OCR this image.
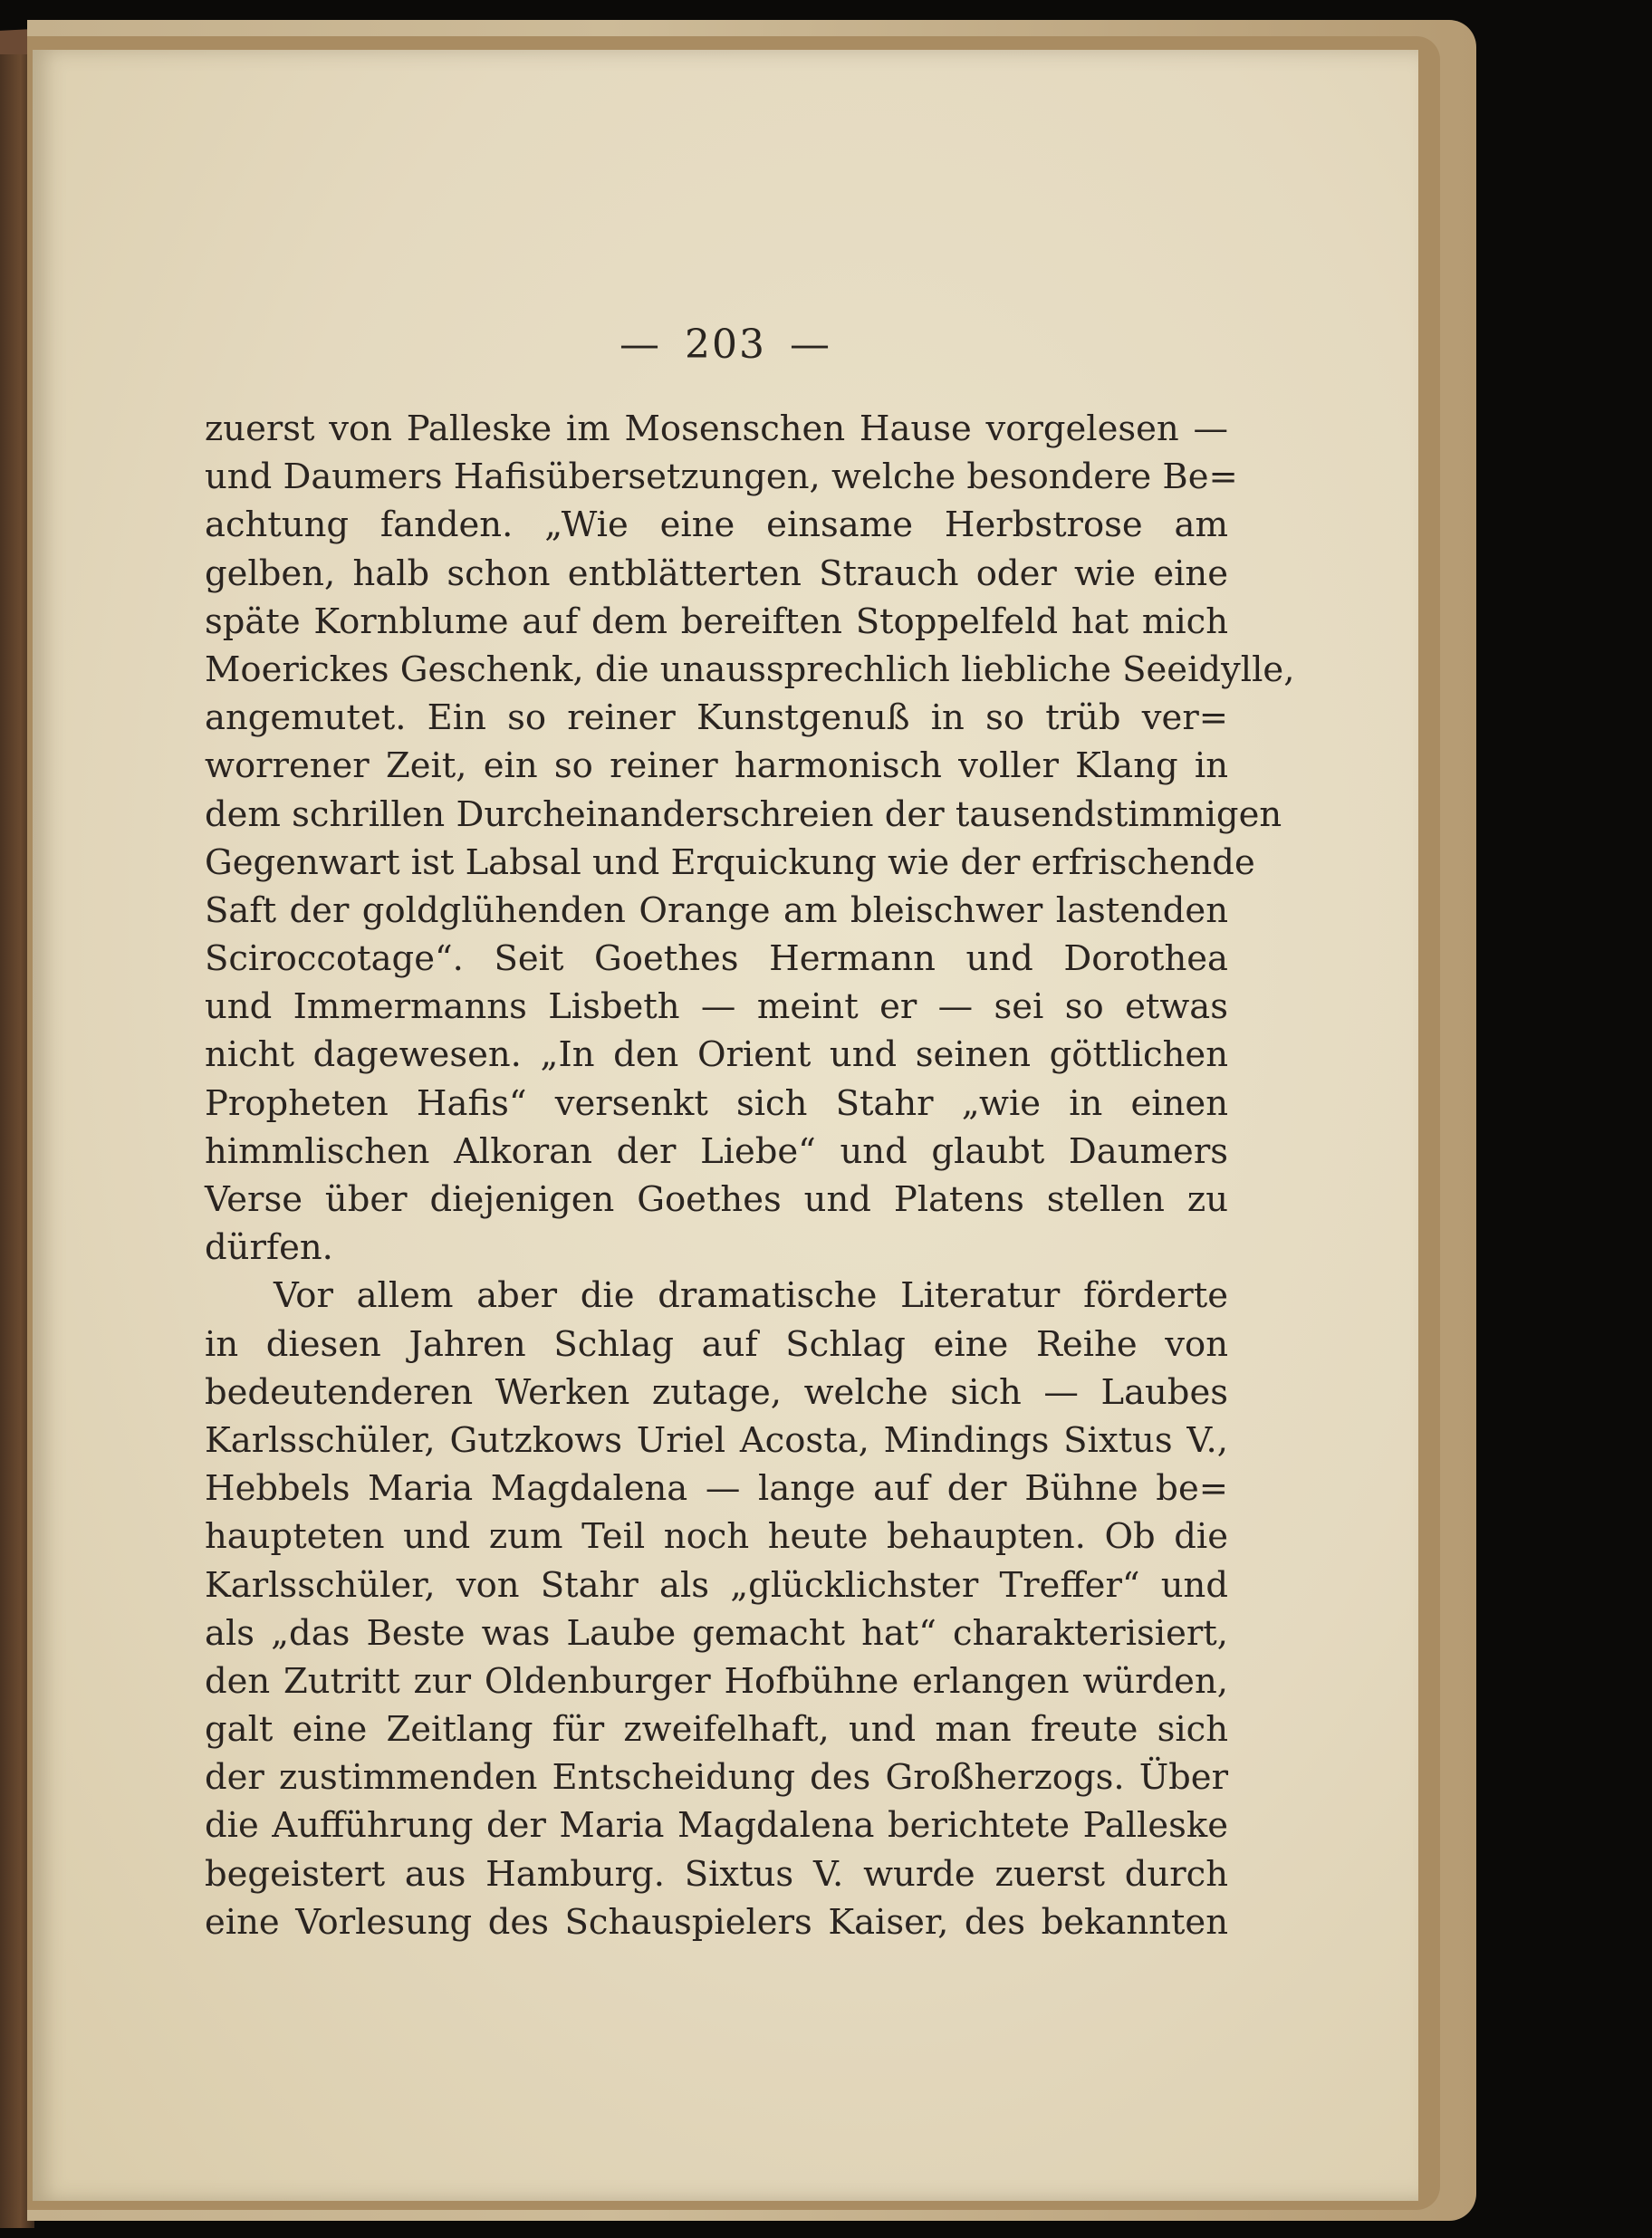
— 203 —
zuerst von Palleske im Mosenschen Hause vorgelesen —
und Daumers Hafisübersetzungen, welche besondere Be=
achtung fanden. „Wie eine einsame Herbstrose am
gelben, halb schon entblätterten Strauch oder wie eine
späte Kornblume auf dem bereiften Stoppelfeld hat mich
Moerickes Geschenk, die unaussprechlich liebliche Seeidylle,
angemutet. Ein so reiner Kunstgenuß in so trüb ver=
worrener Zeit, ein so reiner harmonisch voller Klang in
dem schrillen Durcheinanderschreien der tausendstimmigen
Gegenwart ist Labsal und Erquickung wie der erfrischende
Saft der goldglühenden Orange am bleischwer lastenden
Sciroccotage“. Seit Goethes Hermann und Dorothea
und Immermanns Lisbeth — meint er — sei so etwas
nicht dagewesen. „In den Orient und seinen göttlichen
Propheten Hafis“ versenkt sich Stahr „wie in einen
himmlischen Alkoran der Liebe“ und glaubt Daumers
Verse über diejenigen Goethes und Platens stellen zu
dürfen.
Vor allem aber die dramatische Literatur förderte
in diesen Jahren Schlag auf Schlag eine Reihe von
bedeutenderen Werken zutage, welche sich — Laubes
Karlsschüler, Gutzkows Uriel Acosta, Mindings Sixtus V.,
Hebbels Maria Magdalena — lange auf der Bühne be=
haupteten und zum Teil noch heute behaupten. Ob die
Karlsschüler, von Stahr als „glücklichster Treffer“ und
als „das Beste was Laube gemacht hat“ charakterisiert,
den Zutritt zur Oldenburger Hofbühne erlangen würden,
galt eine Zeitlang für zweifelhaft, und man freute sich
der zustimmenden Entscheidung des Großherzogs. Über
die Aufführung der Maria Magdalena berichtete Palleske
begeistert aus Hamburg. Sixtus V. wurde zuerst durch
eine Vorlesung des Schauspielers Kaiser, des bekannten
